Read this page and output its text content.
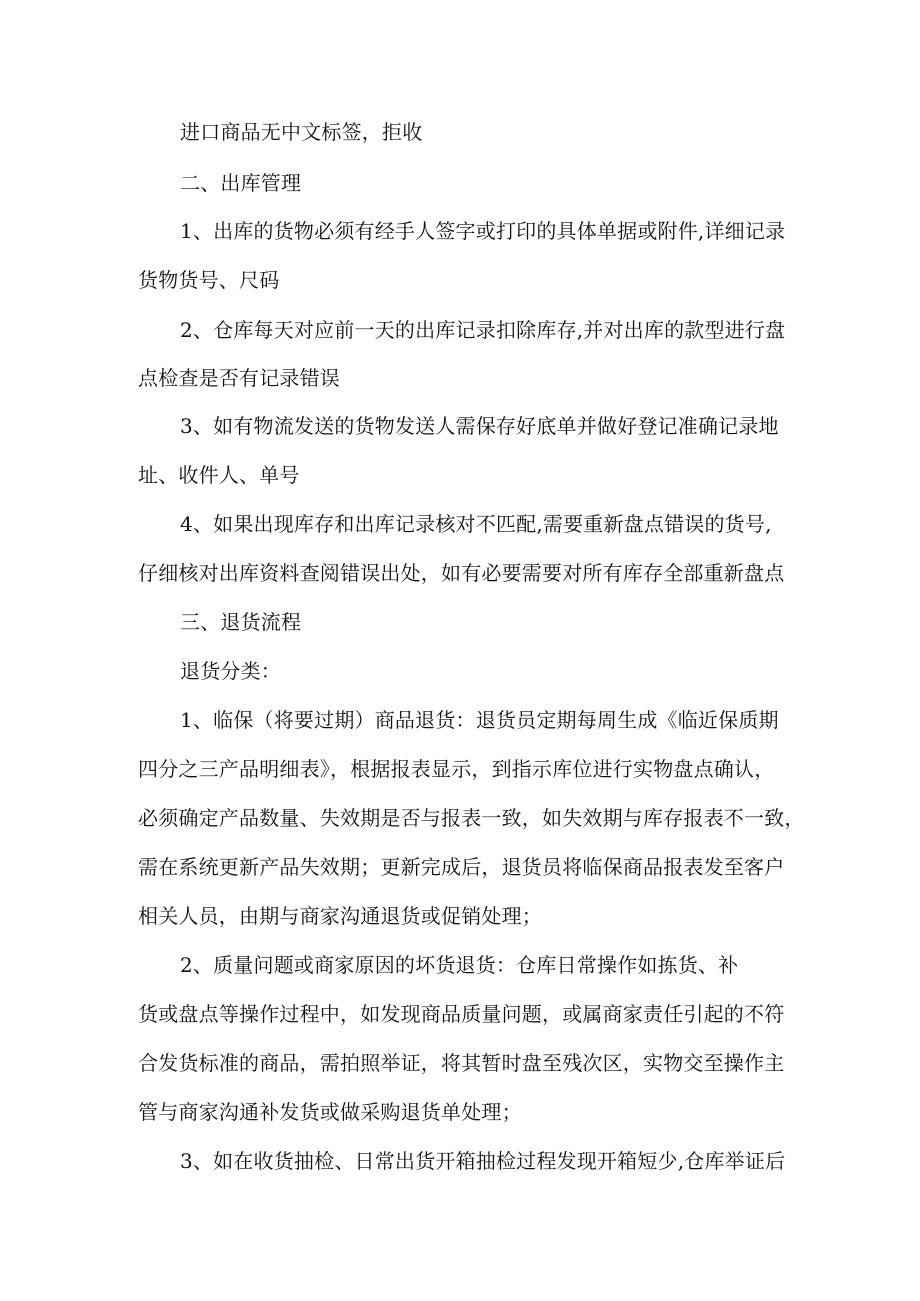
进口商品无中文标签，拒收
二、出库管理
1、出库的货物必须有经手人签字或打印的具体单据或附件,详细记录
货物货号、尺码
2、仓库每天对应前一天的出库记录扣除库存,并对出库的款型进行盘
点检查是否有记录错误
3、如有物流发送的货物发送人需保存好底单并做好登记准确记录地
址、收件人、单号
4、如果出现库存和出库记录核对不匹配,需要重新盘点错误的货号,
仔细核对出库资料查阅错误出处，如有必要需要对所有库存全部重新盘点
三、退货流程
退货分类：
1、临保（将要过期）商品退货：退货员定期每周生成《临近保质期
四分之三产品明细表》，根据报表显示，到指示库位进行实物盘点确认，
必须确定产品数量、失效期是否与报表一致，如失效期与库存报表不一致，
需在系统更新产品失效期；更新完成后，退货员将临保商品报表发至客户
相关人员，由期与商家沟通退货或促销处理；
2、质量问题或商家原因的坏货退货：仓库日常操作如拣货、补
货或盘点等操作过程中，如发现商品质量问题，或属商家责任引起的不符
合发货标准的商品，需拍照举证，将其暂时盘至残次区，实物交至操作主
管与商家沟通补发货或做采购退货单处理；
3、如在收货抽检、日常出货开箱抽检过程发现开箱短少,仓库举证后
